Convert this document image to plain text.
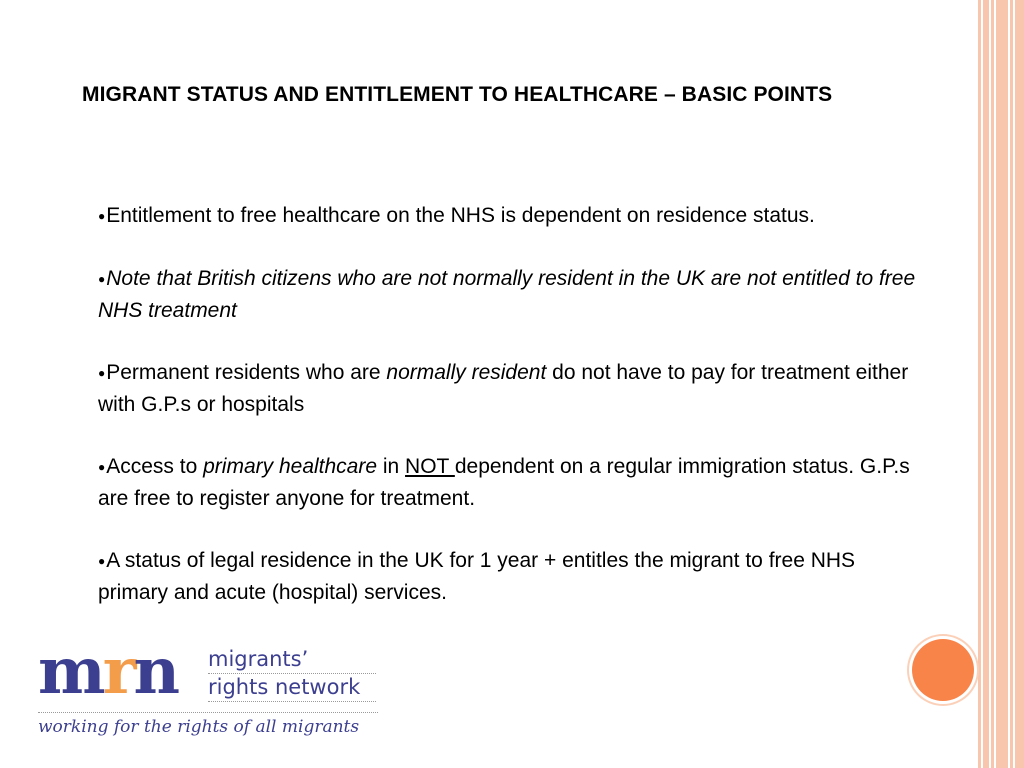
MIGRANT STATUS AND ENTITLEMENT TO HEALTHCARE – BASIC POINTS
●Entitlement to free healthcare on the NHS is dependent on residence status.
●Note that British citizens who are not normally resident in the UK are not entitled to free NHS treatment
●Permanent residents who are normally resident do not have to pay for treatment either with G.P.s or hospitals
●Access to primary healthcare in NOT dependent on a regular immigration status. G.P.s are free to register anyone for treatment.
●A status of legal residence in the UK for 1 year + entitles the migrant to free NHS primary and acute (hospital) services.
mrn migrants’
rights network
working for the rights of all migrants
